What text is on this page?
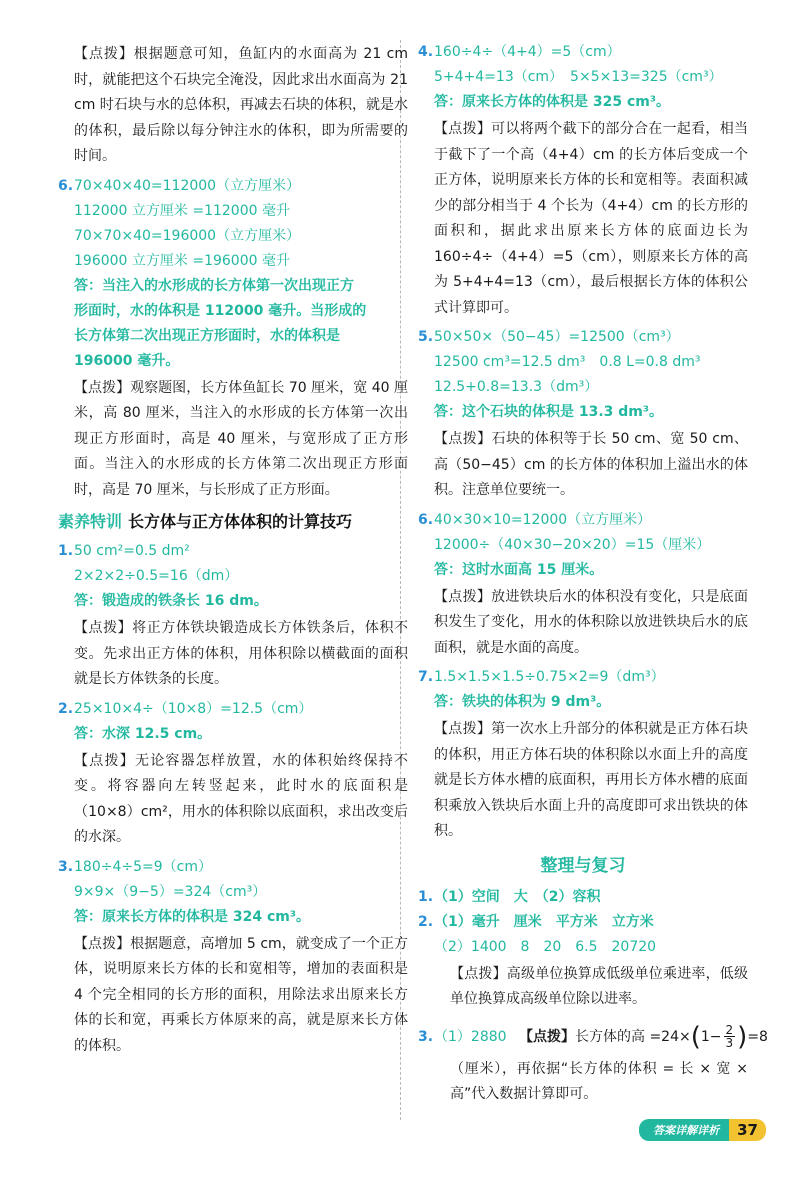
【点拨】根据题意可知，鱼缸内的水面高为 21 cm 时，就能把这个石块完全淹没，因此求出水面高为 21 cm 时石块与水的总体积，再减去石块的体积，就是水的体积，最后除以每分钟注水的体积，即为所需要的时间。
6.70×40×40=112000（立方厘米）
112000 立方厘米 =112000 毫升
70×70×40=196000（立方厘米）
196000 立方厘米 =196000 毫升
答：当注入的水形成的长方体第一次出现正方
形面时，水的体积是 112000 毫升。当形成的
长方体第二次出现正方形面时，水的体积是
196000 毫升。
【点拨】观察题图，长方体鱼缸长 70 厘米，宽 40 厘米，高 80 厘米，当注入的水形成的长方体第一次出现正方形面时，高是 40 厘米，与宽形成了正方形面。当注入的水形成的长方体第二次出现正方形面时，高是 70 厘米，与长形成了正方形面。
素养特训 长方体与正方体体积的计算技巧
1.50 cm²=0.5 dm²
2×2×2÷0.5=16（dm）
答：锻造成的铁条长 16 dm。
【点拨】将正方体铁块锻造成长方体铁条后，体积不变。先求出正方体的体积，用体积除以横截面的面积就是长方体铁条的长度。
2.25×10×4÷（10×8）=12.5（cm）
答：水深 12.5 cm。
【点拨】无论容器怎样放置，水的体积始终保持不变。将容器向左转竖起来，此时水的底面积是（10×8）cm²，用水的体积除以底面积，求出改变后的水深。
3.180÷4÷5=9（cm）
9×9×（9−5）=324（cm³）
答：原来长方体的体积是 324 cm³。
【点拨】根据题意，高增加 5 cm，就变成了一个正方体，说明原来长方体的长和宽相等，增加的表面积是 4 个完全相同的长方形的面积，用除法求出原来长方体的长和宽，再乘长方体原来的高，就是原来长方体的体积。
4.160÷4÷（4+4）=5（cm）
5+4+4=13（cm）　5×5×13=325（cm³）
答：原来长方体的体积是 325 cm³。
【点拨】可以将两个截下的部分合在一起看，相当于截下了一个高（4+4）cm 的长方体后变成一个正方体，说明原来长方体的长和宽相等。表面积减少的部分相当于 4 个长为（4+4）cm 的长方形的面积和，据此求出原来长方体的底面边长为 160÷4÷（4+4）=5（cm），则原来长方体的高为 5+4+4=13（cm），最后根据长方体的体积公式计算即可。
5.50×50×（50−45）=12500（cm³）
12500 cm³=12.5 dm³　0.8 L=0.8 dm³
12.5+0.8=13.3（dm³）
答：这个石块的体积是 13.3 dm³。
【点拨】石块的体积等于长 50 cm、宽 50 cm、高（50−45）cm 的长方体的体积加上溢出水的体积。注意单位要统一。
6.40×30×10=12000（立方厘米）
12000÷（40×30−20×20）=15（厘米）
答：这时水面高 15 厘米。
【点拨】放进铁块后水的体积没有变化，只是底面积发生了变化，用水的体积除以放进铁块后水的底面积，就是水面的高度。
7.1.5×1.5×1.5÷0.75×2=9（dm³）
答：铁块的体积为 9 dm³。
【点拨】第一次水上升部分的体积就是正方体石块的体积，用正方体石块的体积除以水面上升的高度就是长方体水槽的底面积，再用长方体水槽的底面积乘放入铁块后水面上升的高度即可求出铁块的体积。
整理与复习
1.（1）空间　大　（2）容积
2.（1）毫升　厘米　平方米　立方米
（2）1400　8　20　6.5　20720
【点拨】高级单位换算成低级单位乘进率，低级单位换算成高级单位除以进率。
3.（1）2880 【点拨】长方体的高 $=24\times(1- \frac{2}{3} )=8$
（厘米），再依据“长方体的体积 = 长 × 宽 × 高”代入数据计算即可。
答案详解详析	37
